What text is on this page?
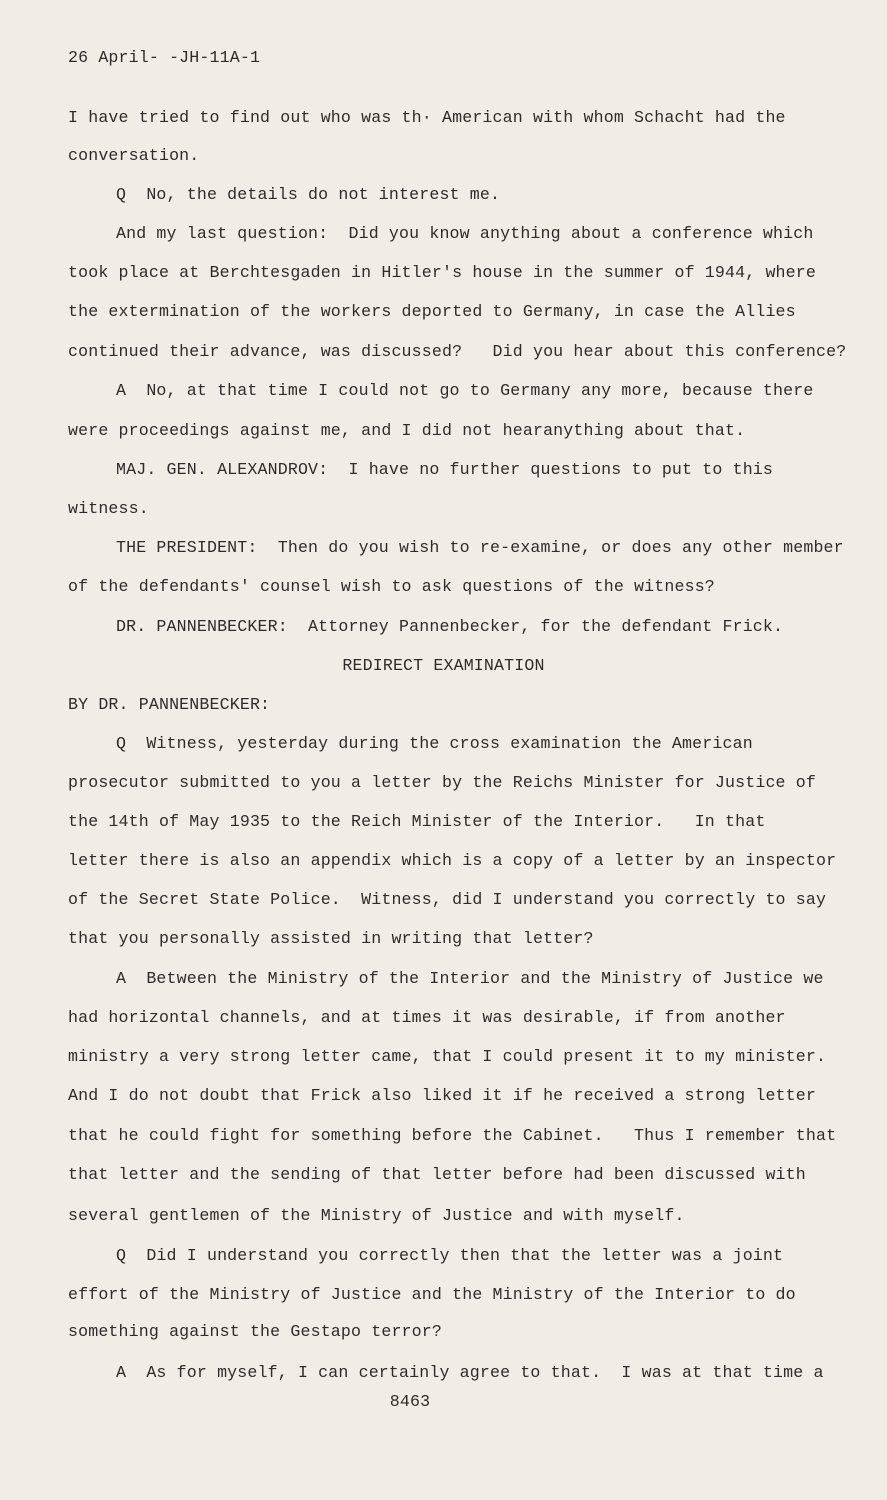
26 April- -JH-11A-1
I have tried to find out who was th· American with whom Schacht had the
conversation.
Q  No, the details do not interest me.
And my last question:  Did you know anything about a conference which
took place at Berchtesgaden in Hitler's house in the summer of 1944, where
the extermination of the workers deported to Germany, in case the Allies
continued their advance, was discussed?   Did you hear about this conference?
A  No, at that time I could not go to Germany any more, because there
were proceedings against me, and I did not hearanything about that.
MAJ. GEN. ALEXANDROV:  I have no further questions to put to this
witness.
THE PRESIDENT:  Then do you wish to re-examine, or does any other member
of the defendants' counsel wish to ask questions of the witness?
DR. PANNENBECKER:  Attorney Pannenbecker, for the defendant Frick.
REDIRECT EXAMINATION
BY DR. PANNENBECKER:
Q  Witness, yesterday during the cross examination the American
prosecutor submitted to you a letter by the Reichs Minister for Justice of
the 14th of May 1935 to the Reich Minister of the Interior.   In that
letter there is also an appendix which is a copy of a letter by an inspector
of the Secret State Police.  Witness, did I understand you correctly to say
that you personally assisted in writing that letter?
A  Between the Ministry of the Interior and the Ministry of Justice we
had horizontal channels, and at times it was desirable, if from another
ministry a very strong letter came, that I could present it to my minister.
And I do not doubt that Frick also liked it if he received a strong letter
that he could fight for something before the Cabinet.   Thus I remember that
that letter and the sending of that letter before had been discussed with
several gentlemen of the Ministry of Justice and with myself.
Q  Did I understand you correctly then that the letter was a joint
effort of the Ministry of Justice and the Ministry of the Interior to do
something against the Gestapo terror?
A  As for myself, I can certainly agree to that.  I was at that time a
8463
